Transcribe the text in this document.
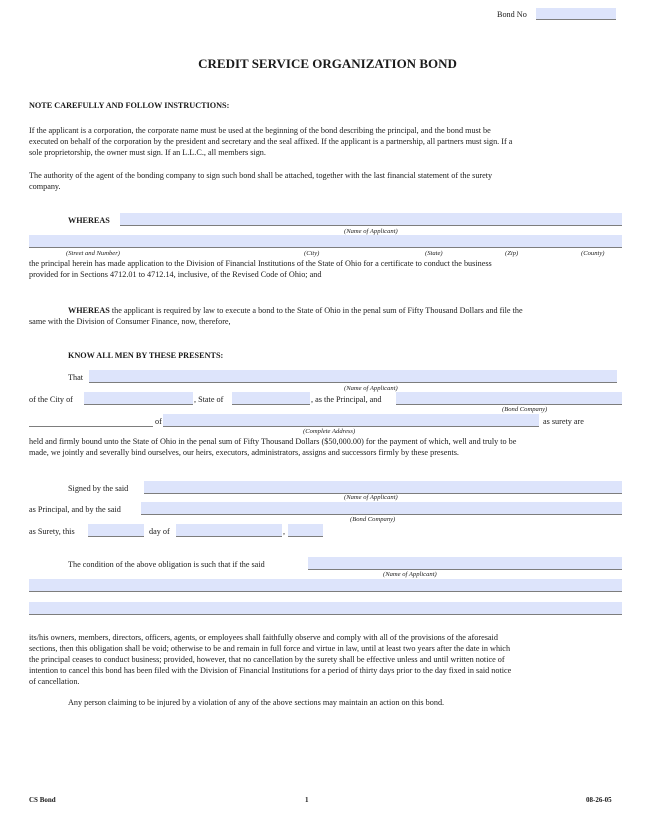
Bond No
CREDIT SERVICE ORGANIZATION BOND
NOTE CAREFULLY AND FOLLOW INSTRUCTIONS:
If the applicant is a corporation, the corporate name must be used at the beginning of the bond describing the principal, and the bond must be
executed on behalf of the corporation by the president and secretary and the seal affixed. If the applicant is a partnership, all partners must sign. If a
sole proprietorship, the owner must sign. If an L.L.C., all members sign.
The authority of the agent of the bonding company to sign such bond shall be attached, together with the last financial statement of the surety
company.
WHEREAS
(Name of Applicant)
(Street and Number)	(City)	(State)	(Zip)	(County)
the principal herein has made application to the Division of Financial Institutions of the State of Ohio for a certificate to conduct the business
provided for in Sections 4712.01 to 4712.14, inclusive, of the Revised Code of Ohio; and
WHEREAS the applicant is required by law to execute a bond to the State of Ohio in the penal sum of Fifty Thousand Dollars and file the
same with the Division of Consumer Finance, now, therefore,
KNOW ALL MEN BY THESE PRESENTS:
That
(Name of Applicant)
of the City of	, State of	, as the Principal, and
(Bond Company)
of	as surety are
(Complete Address)
held and firmly bound unto the State of Ohio in the penal sum of Fifty Thousand Dollars ($50,000.00) for the payment of which, well and truly to be
made, we jointly and severally bind ourselves, our heirs, executors, administrators, assigns and successors firmly by these presents.
Signed by the said
(Name of Applicant)
as Principal, and by the said
(Bond Company)
as Surety, this	day of	,
The condition of the above obligation is such that if the said
(Name of Applicant)
its/his owners, members, directors, officers, agents, or employees shall faithfully observe and comply with all of the provisions of the aforesaid
sections, then this obligation shall be void; otherwise to be and remain in full force and virtue in law, until at least two years after the date in which
the principal ceases to conduct business; provided, however, that no cancellation by the surety shall be effective unless and until written notice of
intention to cancel this bond has been filed with the Division of Financial Institutions for a period of thirty days prior to the day fixed in said notice
of cancellation.
Any person claiming to be injured by a violation of any of the above sections may maintain an action on this bond.
CS Bond	1	08-26-05
